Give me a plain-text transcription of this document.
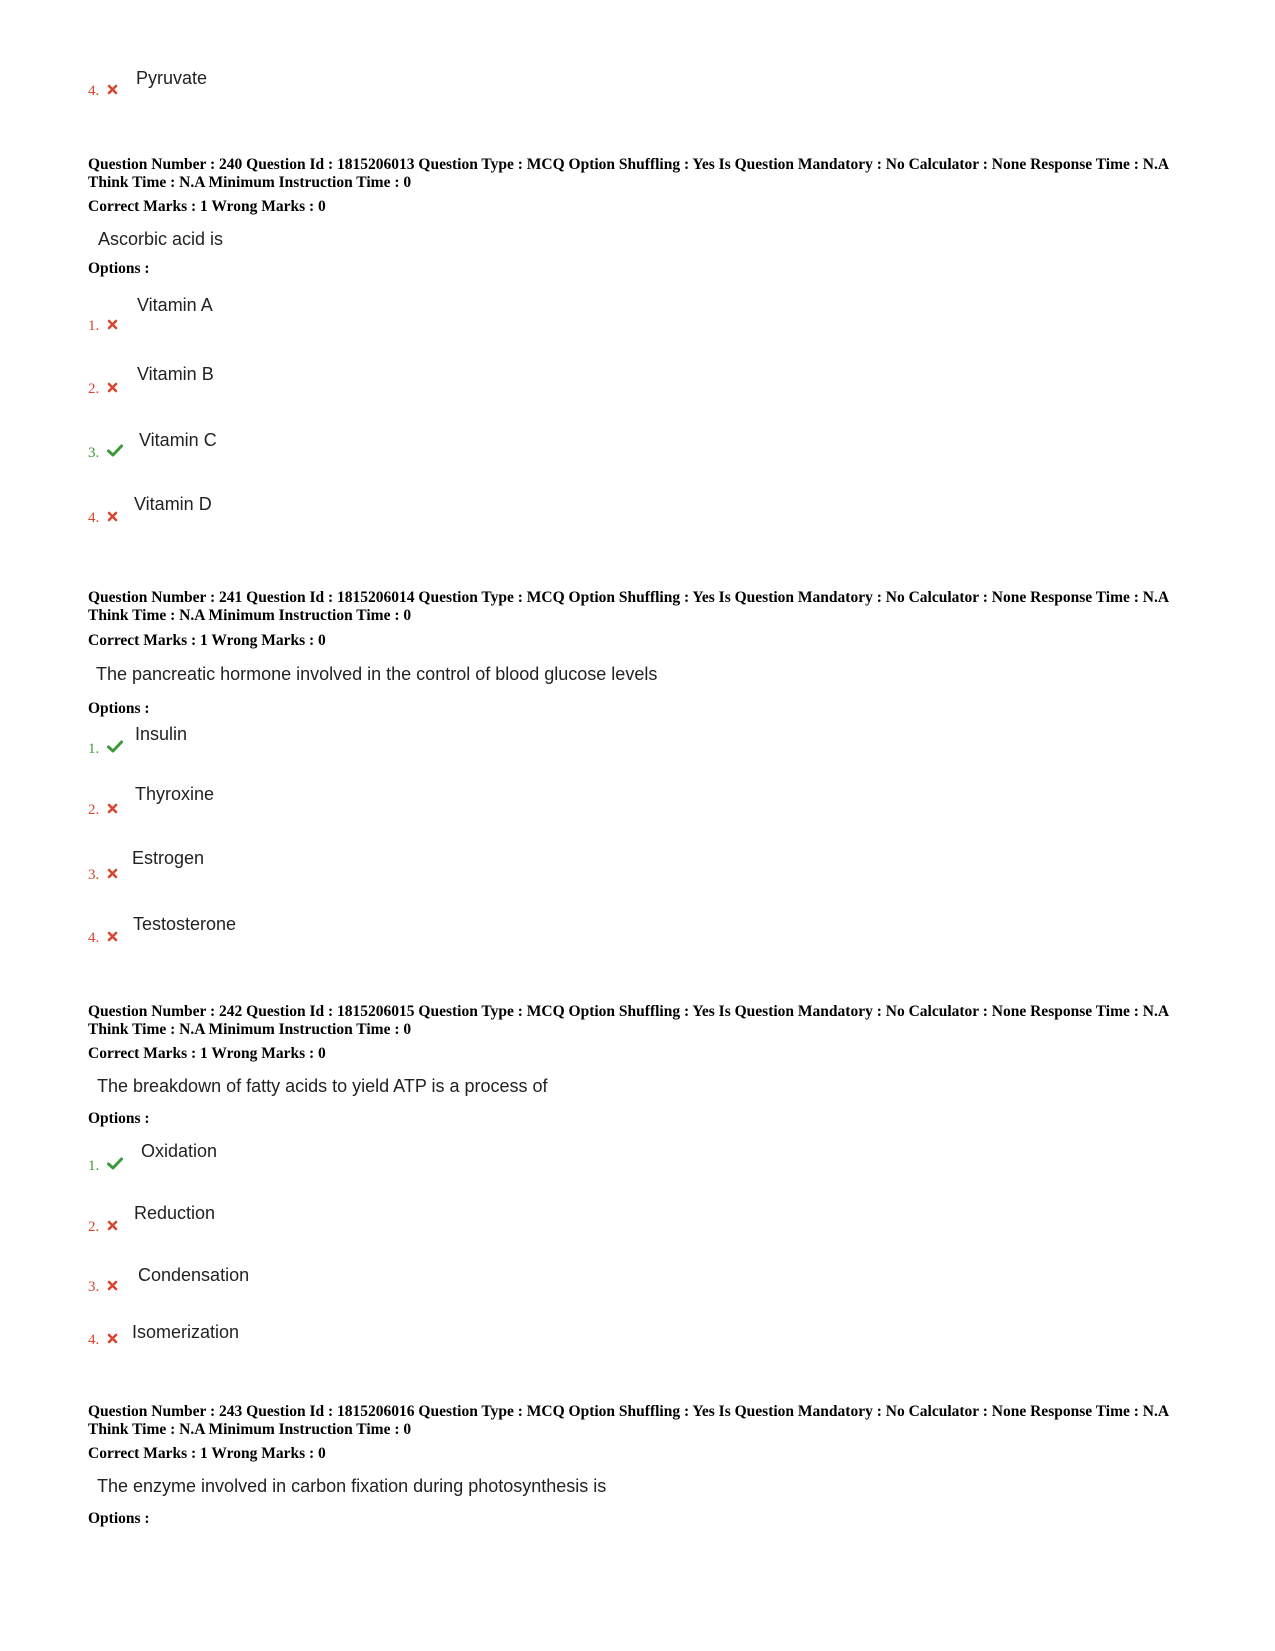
4.
Pyruvate
Question Number : 240 Question Id : 1815206013 Question Type : MCQ Option Shuffling : Yes Is Question Mandatory : No Calculator : None Response Time : N.A Think Time : N.A Minimum Instruction Time : 0
Correct Marks : 1 Wrong Marks : 0
Ascorbic acid is
Options :
1.
Vitamin A
2.
Vitamin B
3.
Vitamin C
4.
Vitamin D
Question Number : 241 Question Id : 1815206014 Question Type : MCQ Option Shuffling : Yes Is Question Mandatory : No Calculator : None Response Time : N.A Think Time : N.A Minimum Instruction Time : 0
Correct Marks : 1 Wrong Marks : 0
The pancreatic hormone involved in the control of blood glucose levels
Options :
1.
Insulin
2.
Thyroxine
3.
Estrogen
4.
Testosterone
Question Number : 242 Question Id : 1815206015 Question Type : MCQ Option Shuffling : Yes Is Question Mandatory : No Calculator : None Response Time : N.A Think Time : N.A Minimum Instruction Time : 0
Correct Marks : 1 Wrong Marks : 0
The breakdown of fatty acids to yield ATP is a process of
Options :
1.
Oxidation
2.
Reduction
3.
Condensation
4.	Isomerization
Question Number : 243 Question Id : 1815206016 Question Type : MCQ Option Shuffling : Yes Is Question Mandatory : No Calculator : None Response Time : N.A Think Time : N.A Minimum Instruction Time : 0
Correct Marks : 1 Wrong Marks : 0
The enzyme involved in carbon fixation during photosynthesis is
Options :
